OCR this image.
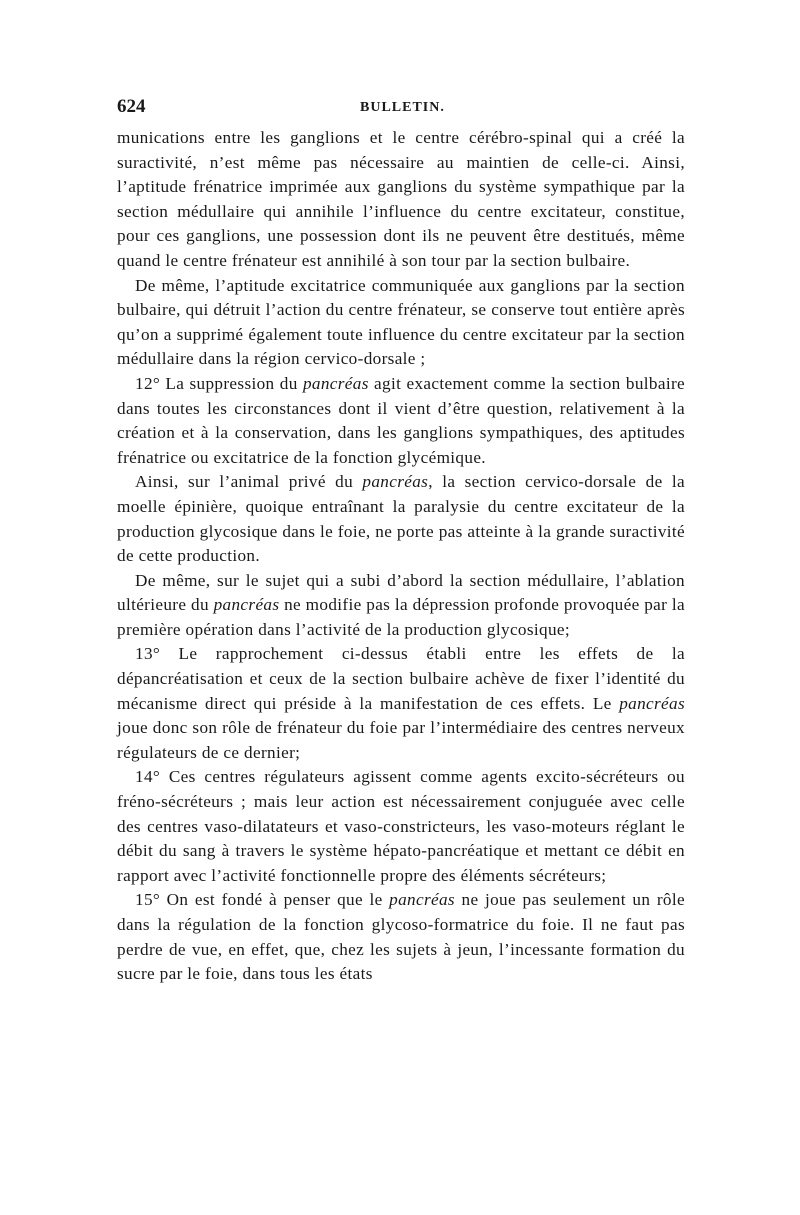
624	BULLETIN.

munications entre les ganglions et le centre cérébro-spinal qui a créé la suractivité, n’est même pas nécessaire au maintien de celle-ci. Ainsi, l’aptitude frénatrice imprimée aux ganglions du système sympathique par la section médullaire qui annihile l’influence du centre excitateur, constitue, pour ces ganglions, une possession dont ils ne peuvent être destitués, même quand le centre frénateur est annihilé à son tour par la section bulbaire.

De même, l’aptitude excitatrice communiquée aux ganglions par la section bulbaire, qui détruit l’action du centre frénateur, se conserve tout entière après qu’on a supprimé également toute influence du centre excitateur par la section médullaire dans la région cervico-dorsale ;

12° La suppression du pancréas agit exactement comme la section bulbaire dans toutes les circonstances dont il vient d’être question, relativement à la création et à la conservation, dans les ganglions sympathiques, des aptitudes frénatrice ou excitatrice de la fonction glycémique.

Ainsi, sur l’animal privé du pancréas, la section cervico-dorsale de la moelle épinière, quoique entraînant la paralysie du centre excitateur de la production glycosique dans le foie, ne porte pas atteinte à la grande suractivité de cette production.

De même, sur le sujet qui a subi d’abord la section médullaire, l’ablation ultérieure du pancréas ne modifie pas la dépression profonde provoquée par la première opération dans l’activité de la production glycosique;

13° Le rapprochement ci-dessus établi entre les effets de la dépancréatisation et ceux de la section bulbaire achève de fixer l’identité du mécanisme direct qui préside à la manifestation de ces effets. Le pancréas joue donc son rôle de frénateur du foie par l’intermédiaire des centres nerveux régulateurs de ce dernier;

14° Ces centres régulateurs agissent comme agents excito-sécréteurs ou fréno-sécréteurs ; mais leur action est nécessairement conjuguée avec celle des centres vaso-dilatateurs et vaso-constricteurs, les vaso-moteurs réglant le débit du sang à travers le système hépato-pancréatique et mettant ce débit en rapport avec l’activité fonctionnelle propre des éléments sécréteurs;

15° On est fondé à penser que le pancréas ne joue pas seulement un rôle dans la régulation de la fonction glycoso-formatrice du foie. Il ne faut pas perdre de vue, en effet, que, chez les sujets à jeun, l’incessante formation du sucre par le foie, dans tous les états
